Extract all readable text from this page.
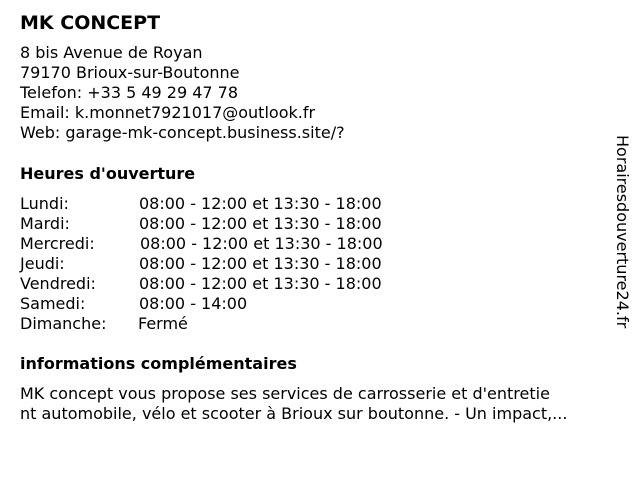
MK CONCEPT
8 bis Avenue de Royan
79170 Brioux-sur-Boutonne
Telefon: +33 5 49 29 47 78
Email: k.monnet7921017@outlook.fr
Web: garage-mk-concept.business.site/?
Heures d'ouverture
Lundi:	08:00 - 12:00 et 13:30 - 18:00
Mardi:	08:00 - 12:00 et 13:30 - 18:00
Mercredi:	08:00 - 12:00 et 13:30 - 18:00
Jeudi:	08:00 - 12:00 et 13:30 - 18:00
Vendredi:	08:00 - 12:00 et 13:30 - 18:00
Samedi:	08:00 - 14:00
Dimanche: Fermé
informations complémentaires
MK concept vous propose ses services de carrosserie et d'entretie
nt automobile, vélo et scooter à Brioux sur boutonne. - Un impact,...
Horairesdouverture24.fr
